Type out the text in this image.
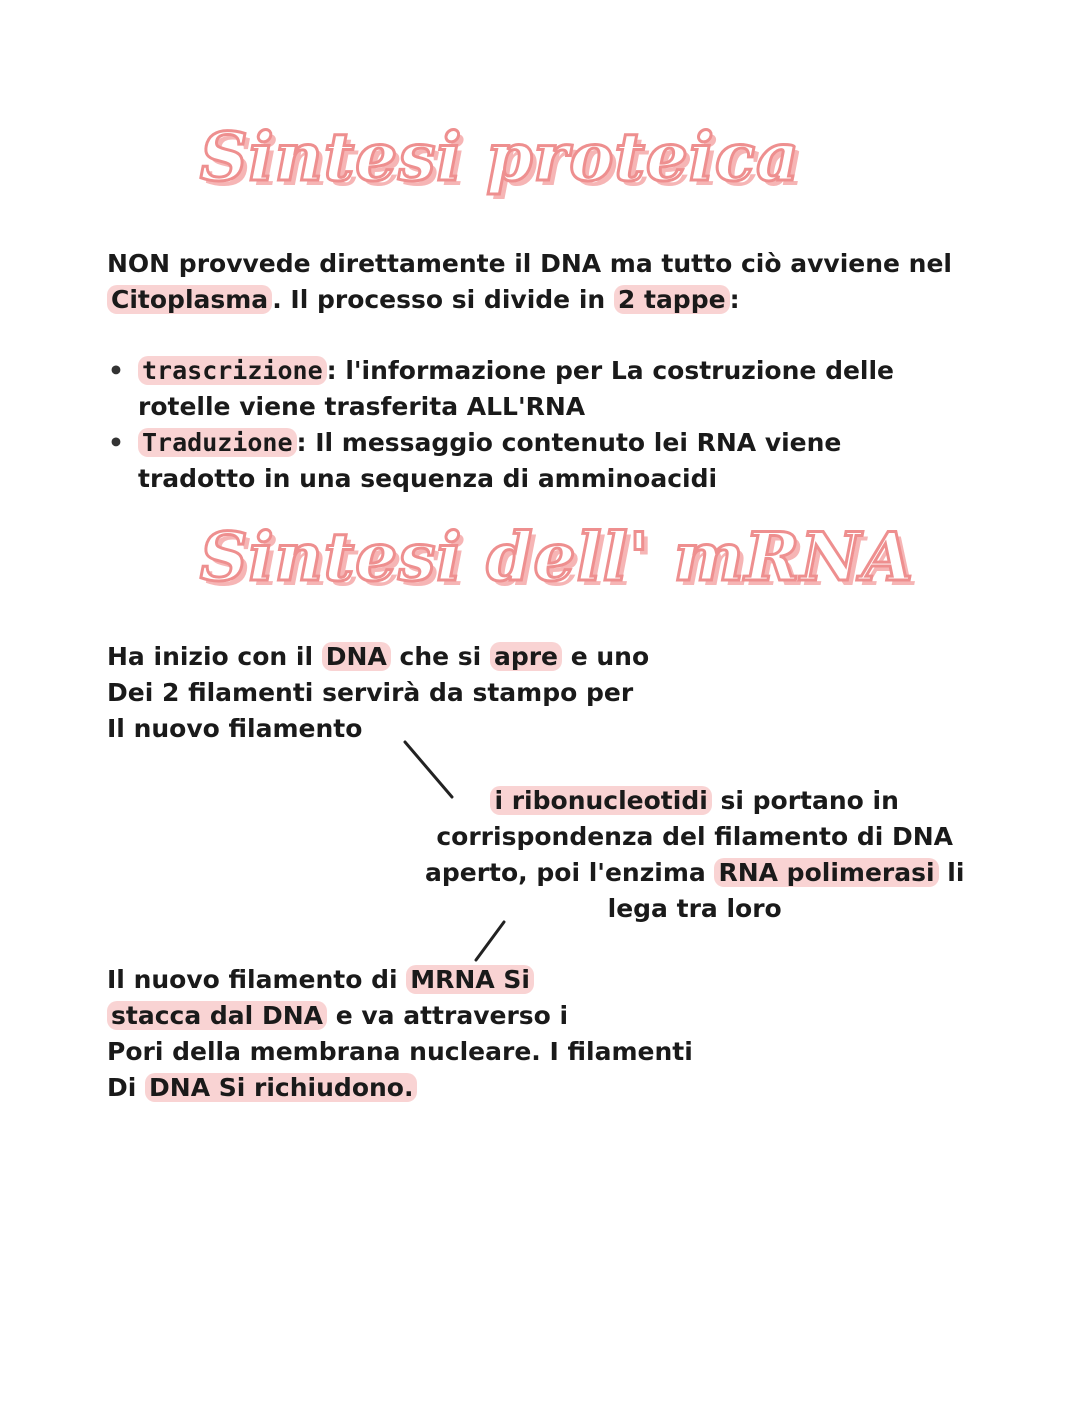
Sintesi proteica
NON provvede direttamente il DNA ma tutto ciò avviene nel
Citoplasma . Il processo si divide in 2 tappe :
• trascrizione : l'informazione per La costruzione delle
rotelle viene trasferita ALL'RNA
• Traduzione : Il messaggio contenuto lei RNA viene
tradotto in una sequenza di amminoacidi
Sintesi dell' mRNA
Ha inizio con il DNA che si apre e uno
Dei 2 filamenti servirà da stampo per
Il nuovo filamento
i ribonucleotidi si portano in
corrispondenza del filamento di DNA
aperto, poi l'enzima RNA polimerasi li
lega tra loro
Il nuovo filamento di MRNA Si
stacca dal DNA e va attraverso i
Pori della membrana nucleare. I filamenti
Di DNA Si richiudono.
